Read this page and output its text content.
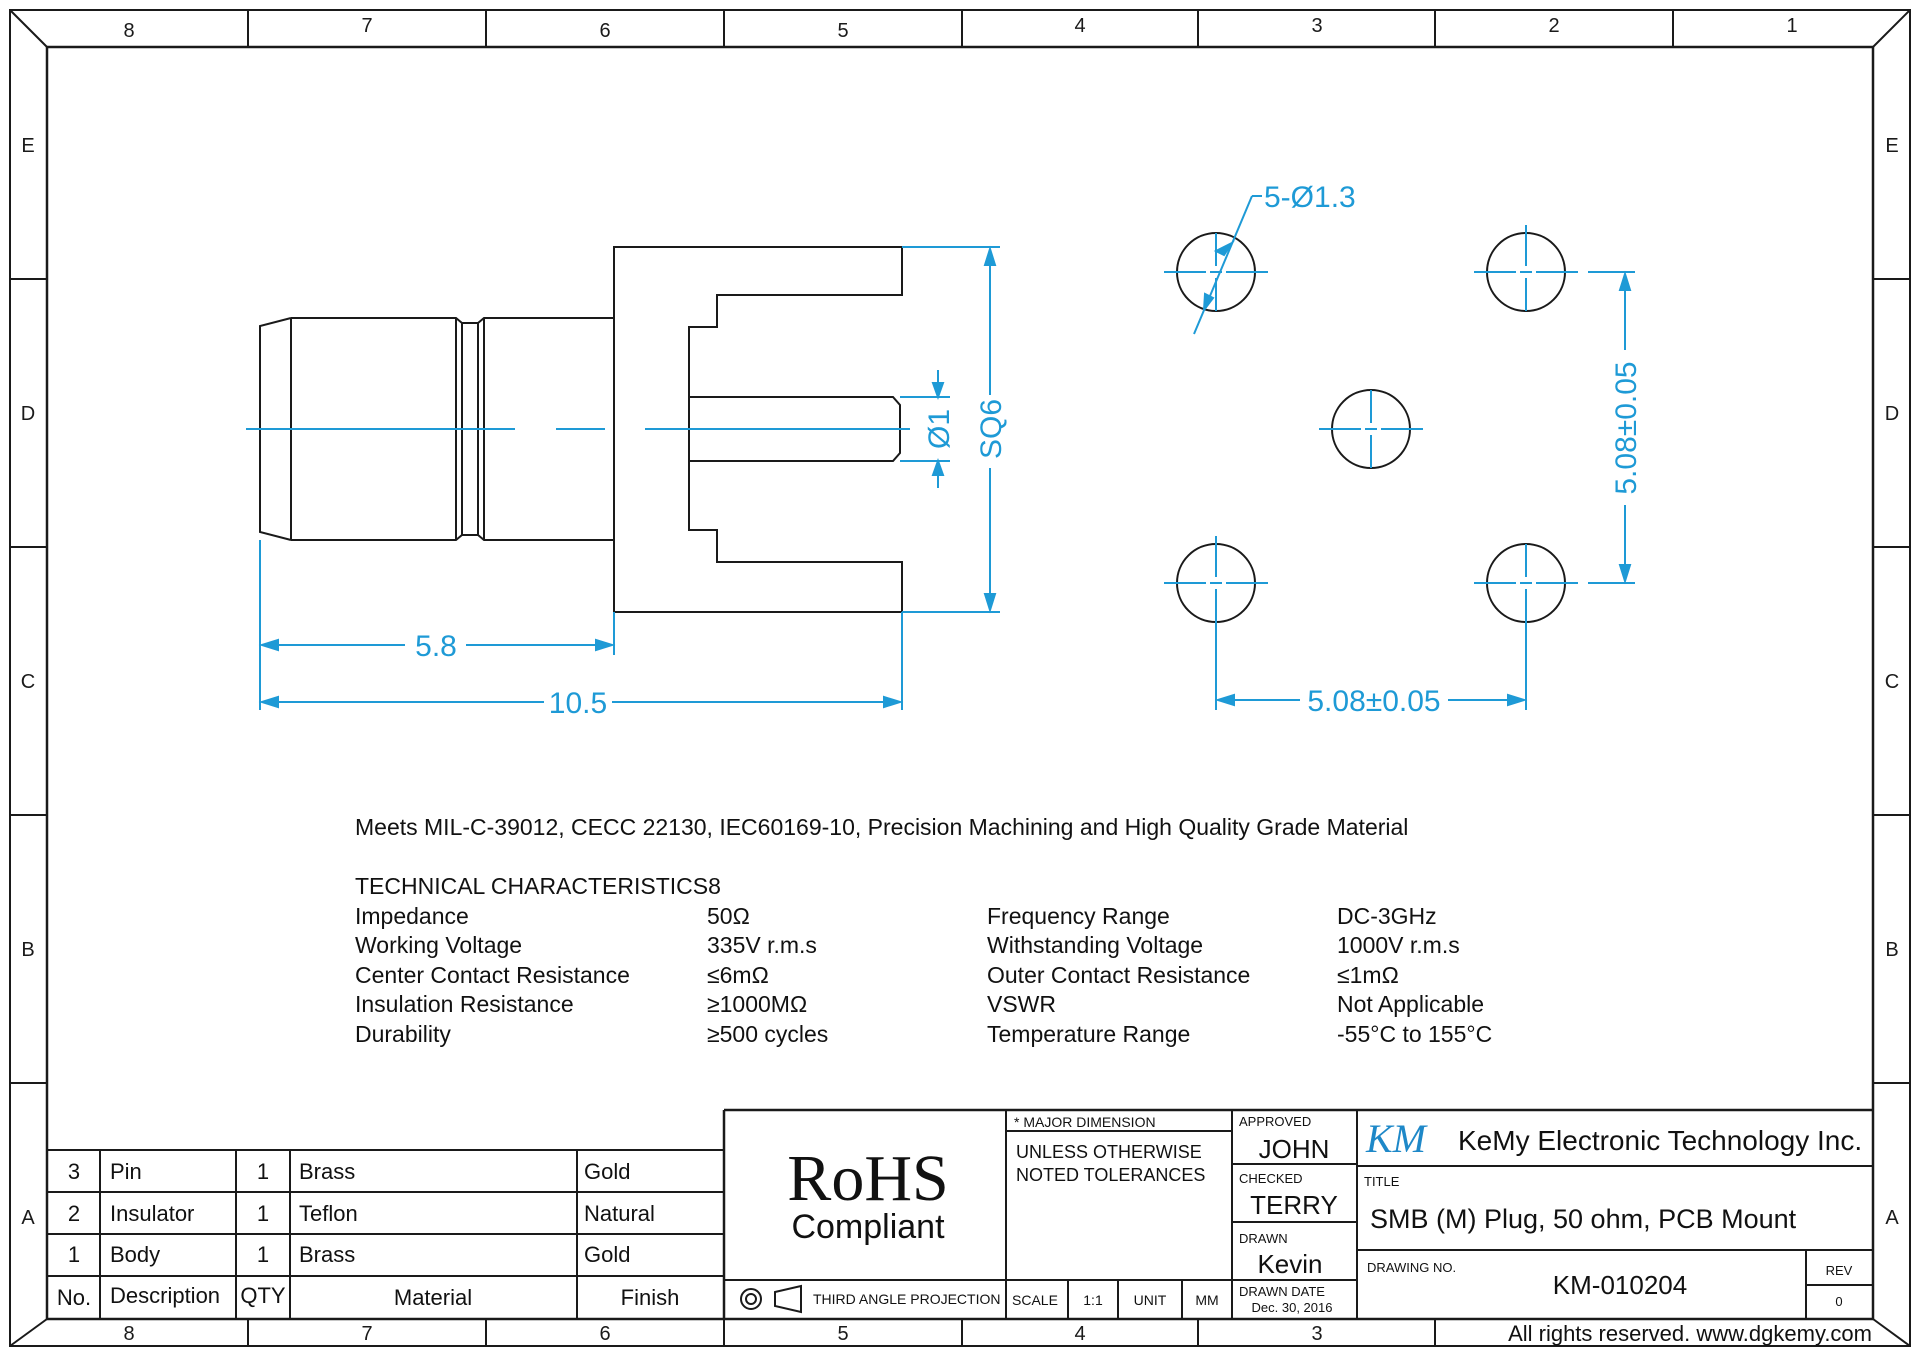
8	7	6	5	4	3	2	1
8	7	6	5	4	3
E
D
C
B
A
E
D
C
B
A
5.8
10.5
SQ6
Ø1
5-Ø1.3
5.08±0.05
5.08±0.05
Meets MIL-C-39012, CECC 22130, IEC60169-10, Precision Machining and High Quality Grade Material
TECHNICAL CHARACTERISTICS8
Impedance	50Ω	Frequency Range	DC-3GHz
Working Voltage	335V r.m.s	Withstanding Voltage	1000V r.m.s
Center Contact Resistance	≤6mΩ	Outer Contact Resistance	≤1mΩ
Insulation Resistance	≥1000MΩ	VSWR	Not Applicable
Durability	≥500 cycles	Temperature Range	-55°C to 155°C
3 Pin	1 Brass	Gold
2 Insulator	1 Teflon	Natural
1 Body	1 Brass	Gold
No. Description QTY	Material	Finish
RoHS
Compliant
THIRD ANGLE PROJECTION
* MAJOR DIMENSION
UNLESS OTHERWISE
NOTED TOLERANCES
SCALE 1:1 UNIT MM
APPROVED
JOHN
CHECKED
TERRY
DRAWN
Kevin
DRAWN DATE
Dec. 30, 2016
KM KeMy Electronic Technology Inc.
TITLE
SMB (M) Plug, 50 ohm, PCB Mount
DRAWING NO.
KM-010204	REV
0
All rights reserved. www.dgkemy.com
